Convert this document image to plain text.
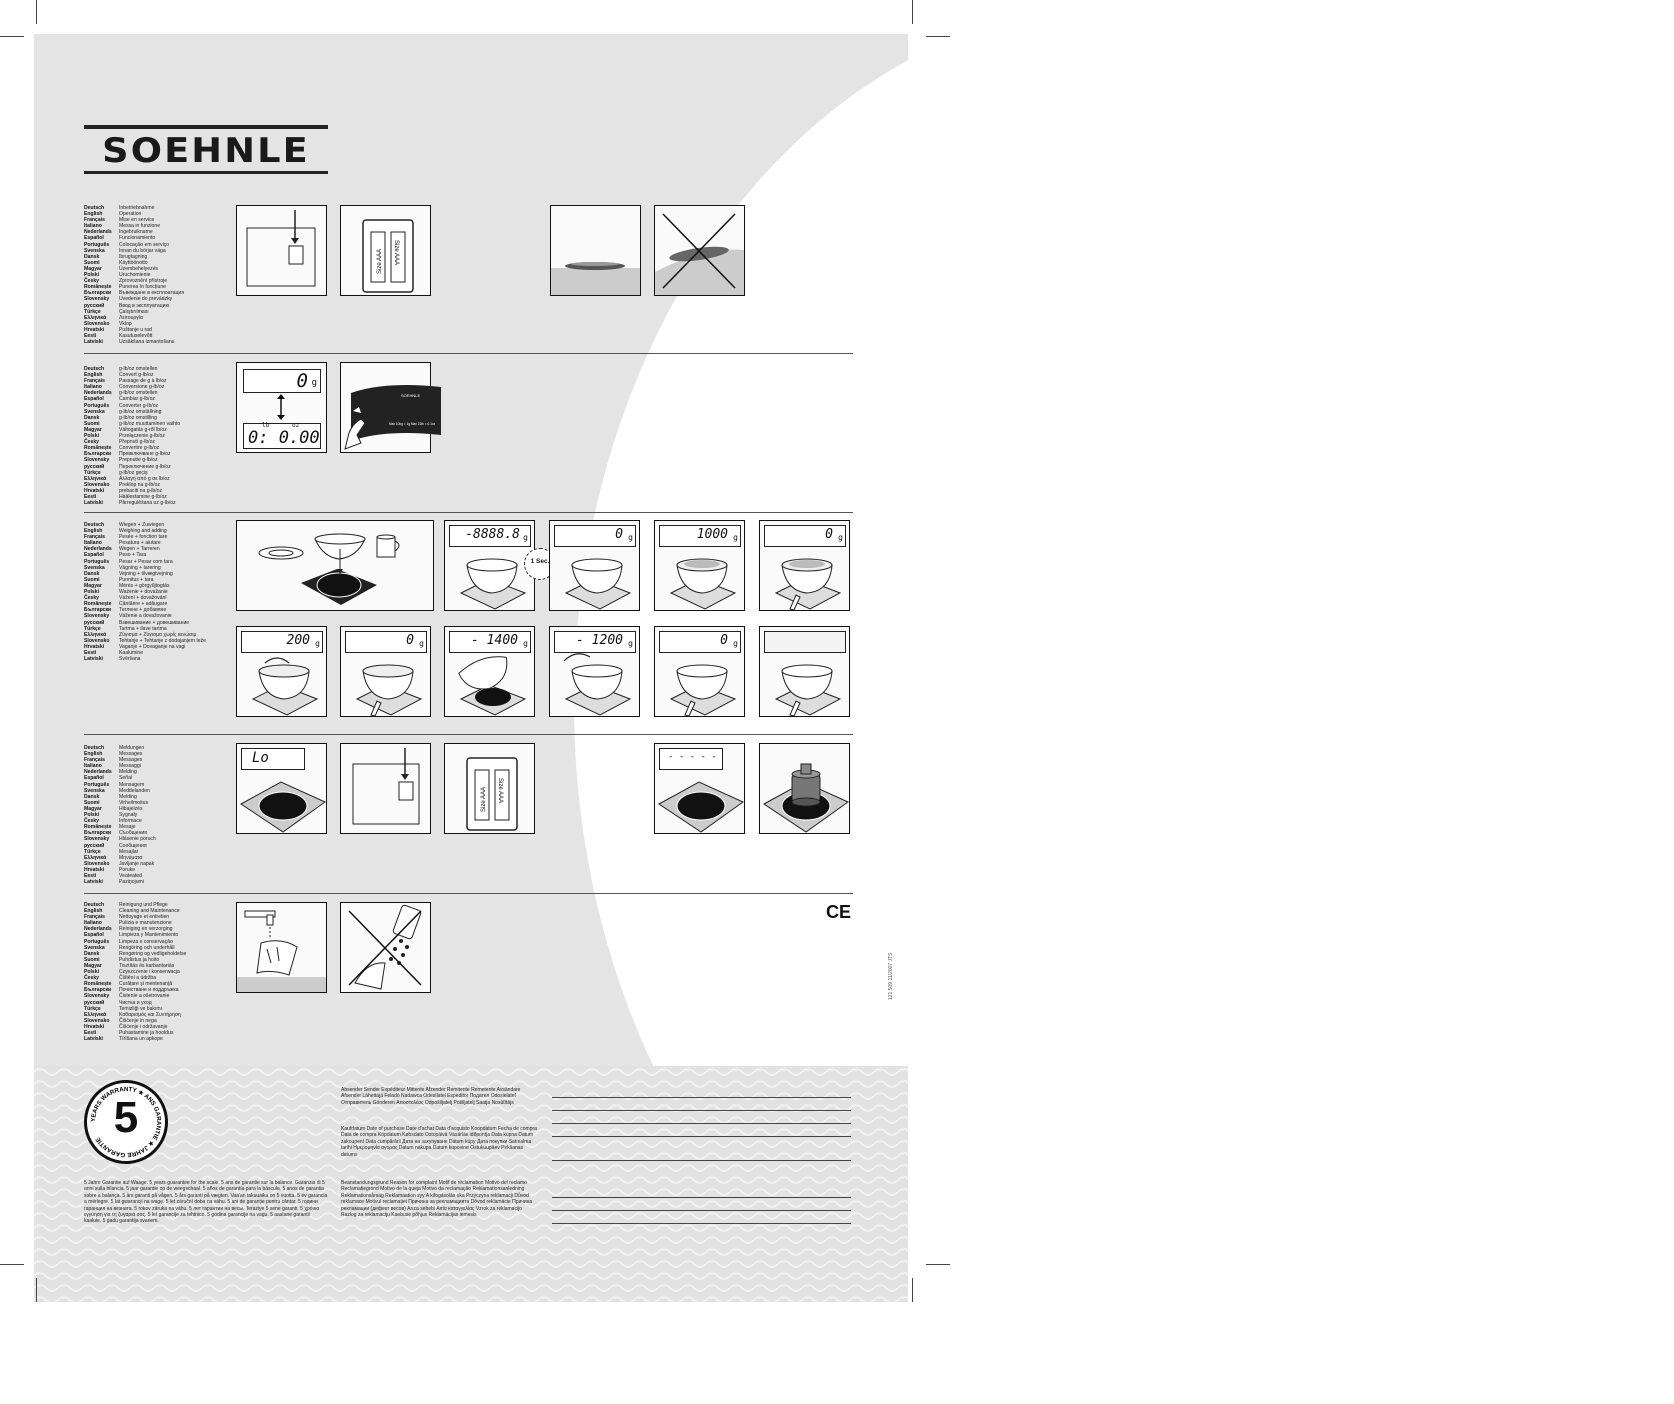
SOEHNLE
Deutsch	Inbetriebnahme
English	Operation
Français	Mise en service
Italiano	Messa in funzione
Nederlands	Ingebruikname
Español	Funcionamiento
Português	Colocação em serviço
Svenska	Innan du börjar väga
Dansk	Ibrugtagning
Suomi	Käyttöönotto
Magyar	Üzembehelyezés
Polski	Uruchomienie
Česky	Zprovoznění přístroje
Românește	Punerea în funcțiune
Български	Въвеждане в експлоатация
Slovensky	Uvedenie do prevádzky
русский	Ввод в эксплуатацию
Türkçe	Çalıştırılması
Ελληνικά	Λειτουργία
Slovensko	Vklop
Hrvatski	Puštanje u rad
Eesti	Kasutuselevõtt
Latviski	Uzsākšana izmantošanu
Deutsch	g-lb/oz omstellen
English	Convert g-lb/oz
Français	Passage de g à lb/oz
Italiano	Conversione g-lb/oz
Nederlands	g-lb/oz omstellen
Español	Cambiar g-lb/oz
Português	Converter g-lb/oz
Svenska	g-lb/oz omställning
Dansk	g-lb/oz omstilling
Suomi	g-lb/oz muuttaminen vaihto
Magyar	Váltogatás g-ről lb/oz
Polski	Przełączenie g-lb/oz
Česky	Přepnutí g-lb/oz
Românește	Convertire g-lb/oz
Български	Превключване g-lb/oz
Slovensky	Prepnutie g-lb/oz
русский	Переключение g-lb/oz
Türkçe	g-lb/oz geçiş
Ελληνικά	Αλλαγή από g σε lb/oz
Slovensko	Preklop na g-lb/oz
Hrvatski	prebaciti na g-lb/oz
Eesti	Häälestamine g-lb/oz
Latviski	Pārregulēšana uz g-lb/oz
Deutsch	Wiegen + Zuwiegen
English	Weighing and adding
Français	Pesée + fonction tare
Italiano	Pesatura + aiutare
Nederlands	Wegen + Tarreren
Español	Peso + Tara
Português	Pesar + Pesar com tara
Svenska	Vägning + tarering
Dansk	Vejning + tilvægtvejning
Suomi	Punnitus + tara
Magyar	Mérés + görgyűjtogtás
Polski	Ważenie + dovažanie
Česky	Vážení + dovažování
Românește	Cântărire + adăugare
Български	Теглене + добавяне
Slovensky	Váženie a dovažovanie
русский	Взвешивание + довешивание
Türkçe	Tartma + ilave tartma
Ελληνικά	Ζύγισμα + Ζύγισμα χωρίς κενώσιμ
Slovensko	Tehtanje + Tehtanje z dodajanjem teže
Hrvatski	Vaganje + Dovaganje na vagi
Eesti	Kaalumine
Latviski	Svēršana
Deutsch	Meldungen
English	Messages
Français	Messages
Italiano	Messaggi
Nederlands	Melding
Español	Señal
Português	Mensagem
Svenska	Meddelanden
Dansk	Melding
Suomi	Virheilmoitus
Magyar	Hibajelzés
Polski	Sygnały
Česky	Informace
Românește	Mesaje
Български	Съобщения
Slovensky	Hlásenie poruch
русский	Сообщения
Türkçe	Mesajlar
Ελληνικά	Μηνύματα
Slovensko	Javljanje napak
Hrvatski	Poruke
Eesti	Veateated
Latviski	Paziņojumi
Deutsch	Reinigung und Pflege
English	Cleaning and Maintenance
Français	Nettoyage et entretien
Italiano	Pulizia e manutenzione
Nederlands	Reiniging en verzorging
Español	Limpieza y Mantenimiento
Português	Limpeza e conservação
Svenska	Rengöring och underhåll
Dansk	Rengøring og vedligeholdelse
Suomi	Puhdistus ja hoito
Magyar	Tisztítás és karbantartás
Polski	Czyszczenie i konserwacja
Česky	Čištění a údržba
Românește	Curățare și mentenanță
Български	Почистване и поддръжка
Slovensky	Čistenie a ošetrovanie
русский	Чистка и уход
Türkçe	Temizliği ve bakımı
Ελληνικά	Καθαρισμός και Συντήρηση
Slovensko	Čiščenje in nega
Hrvatski	Čišćenje i održavanje
Eesti	Puhastamine ja hooldus
Latviski	Tīrīšana un apkope
Size AAA Size AAA
0 g
lb	oz
0: 0.00
Max 10kg = 1g Max 22lb = 0.1oz
SOEHNLE
-8888.8 g
1 Sec.
0 g	1000 g	0 g
200 g	0 g	- 1400 g	- 1200 g	0 g
Lo
Size AAA Size AAA
- - - - -
CE
121 509 11/2007 JTS
YEARS WARRANTY ★ ANS GARANTIE ★ JAHRE GARANTIE 5
5 Jahre Garantie auf Waage. 5 years guarantee for the scale. 5 ans de garantie sur la balance. Garanzia di 5 anni sulla bilancia. 5 jaar garantie op de weegschaal. 5 años de garantía para la báscula. 5 anos de garantia sobre a balança. 5 års garanti på vågen. 5 års garanti på vægten. Vaa'an takuuaika on 5 vuotta. 5 év garancia a mérlegre. 5 lat gwarancji na wagę. 5 let záruční doba na váhu. 5 ani de garanție pentru cântar. 5 години гаранция на везната. 5 rokov záruka na váhu. 5 лет гарантии на весы. Teraziye 5 sene garanti. 5 χρόνια εγγύηση για τη ζυγαριά σας. 5 let garancije za tehtnico. 5 godina garancije na vagu. 5 aastane garantii kaalule. 5 gadu garantija svariem.
Absender Sender Expéditeur Mittente Afzender Remitente Remetente Avsändare Afsender Lähettäjä Feladó Nadawca Odesílatel Expeditor Подател Odosielateľ Отправитель Gönderen Αποστολέας Odpošiljatelj Pošiljatelj Saatja Nosūtītājs
Kaufdatum Date of purchase Date d'achat Data d'acquisto Koopdatum Fecha de compra Data de compra Köpdatum Købsdato Ostopäivä Vásárlás időpontja Data kupna Datum zakoupení Data cumpărării Дата на закупуване Dátum kúpy Дата покупки Satınalma tarihi Ημερομηνία αγοράς Datum nakupa Datum kupovine Ostukuupäev Pirkšanas datums
Beanstandungsgrund Reason for complaint Motif de réclamation Motivo del reclamo Reclamatiegrond Motivo de la queja Motivo da reclamação Reklamationsanledning Reklamationsårsag Reklamaation syy A kifogásolás oka Przyczyna reklamacji Důvod reklamace Motivul reclamației Причина за рекламацията Dôvod reklamácie Причина рекламации (дефект весов) Arıza sebebi Αιτία καταγγελίας Vzrok za reklamacijo Razlog za reklamaciju Kaebuse põhjus Reklamācijas iemesls
